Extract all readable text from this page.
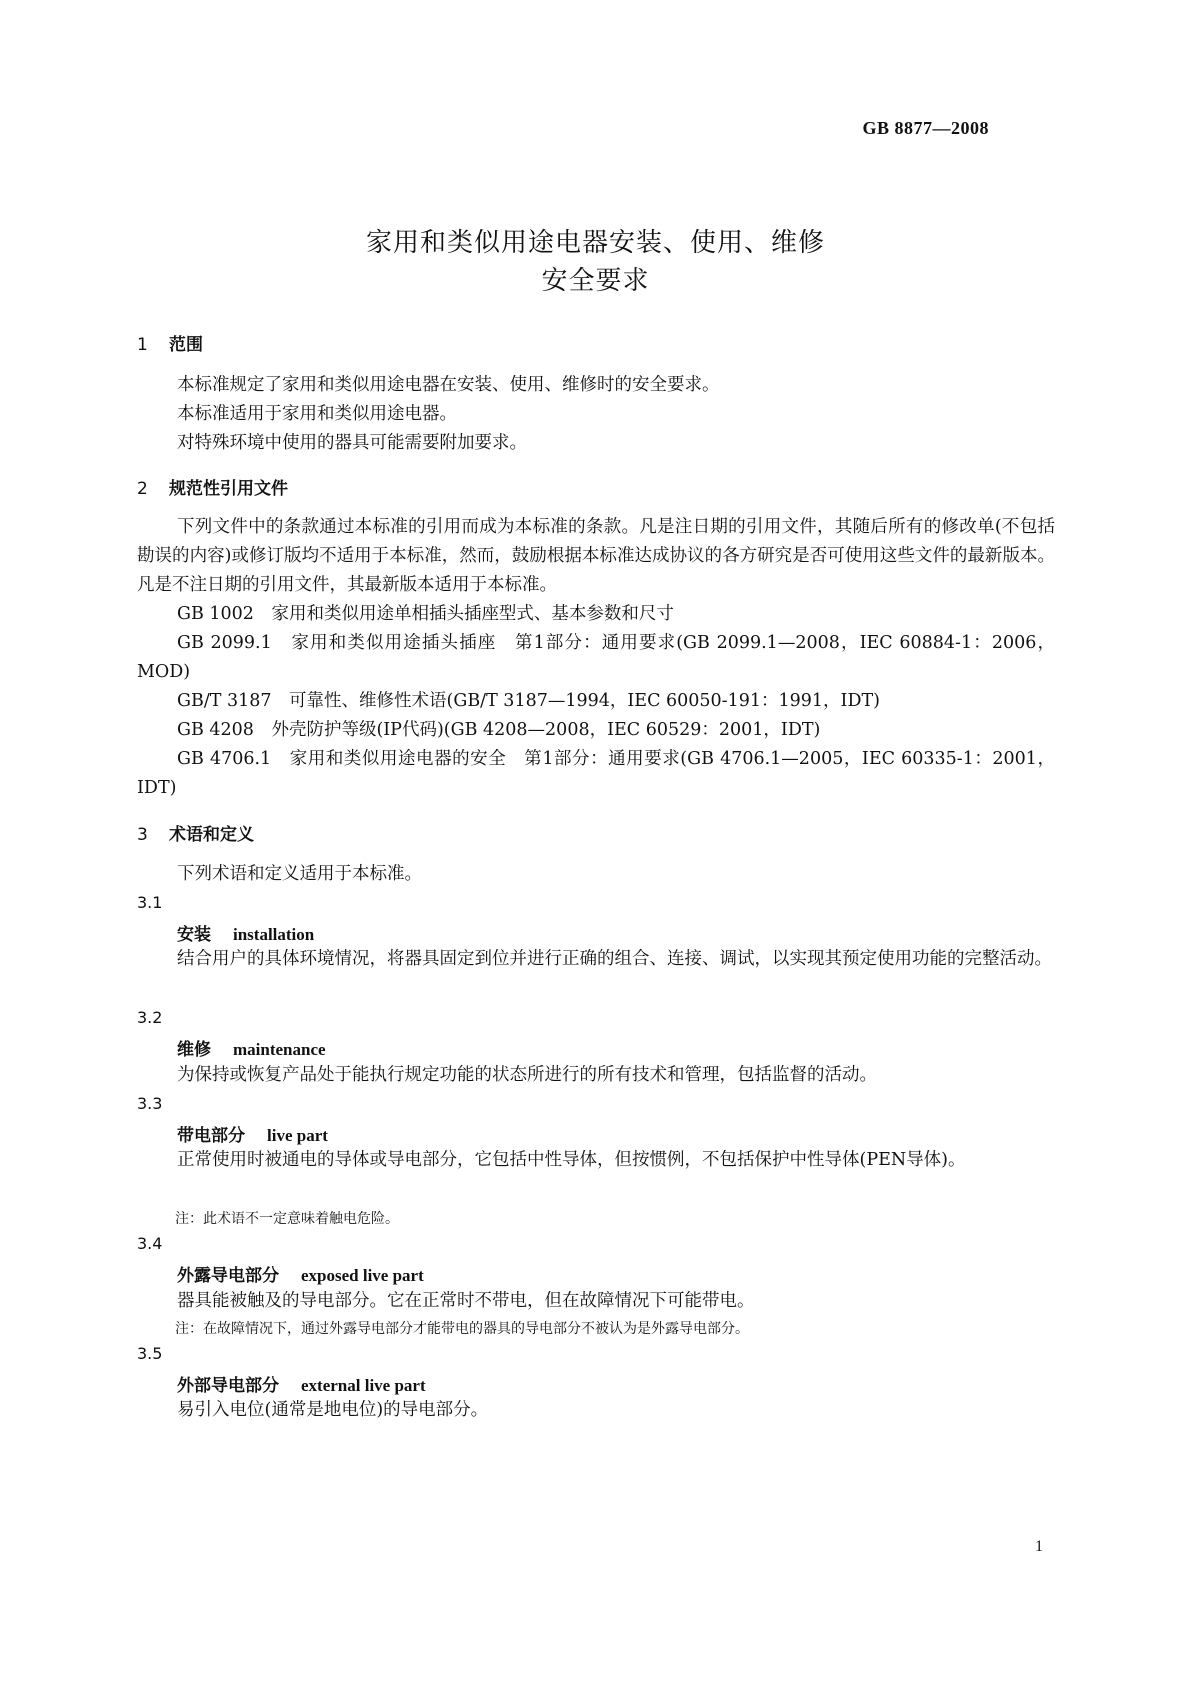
GB 8877—2008
家用和类似用途电器安装、使用、维修
安全要求
1 范围
本标准规定了家用和类似用途电器在安装、使用、维修时的安全要求。
本标准适用于家用和类似用途电器。
对特殊环境中使用的器具可能需要附加要求。
2 规范性引用文件
下列文件中的条款通过本标准的引用而成为本标准的条款。凡是注日期的引用文件，其随后所有的修改单(不包括勘误的内容)或修订版均不适用于本标准，然而，鼓励根据本标准达成协议的各方研究是否可使用这些文件的最新版本。凡是不注日期的引用文件，其最新版本适用于本标准。
GB 1002　家用和类似用途单相插头插座型式、基本参数和尺寸
GB 2099.1　家用和类似用途插头插座　第1部分：通用要求(GB 2099.1—2008，IEC 60884-1：2006，MOD)
GB/T 3187　可靠性、维修性术语(GB/T 3187—1994，IEC 60050-191：1991，IDT)
GB 4208　外壳防护等级(IP代码)(GB 4208—2008，IEC 60529：2001，IDT)
GB 4706.1　家用和类似用途电器的安全　第1部分：通用要求(GB 4706.1—2005，IEC 60335-1：2001，IDT)
3 术语和定义
下列术语和定义适用于本标准。
3.1
安装 installation
结合用户的具体环境情况，将器具固定到位并进行正确的组合、连接、调试，以实现其预定使用功能的完整活动。
3.2
维修 maintenance
为保持或恢复产品处于能执行规定功能的状态所进行的所有技术和管理，包括监督的活动。
3.3
带电部分 live part
正常使用时被通电的导体或导电部分，它包括中性导体，但按惯例，不包括保护中性导体(PEN导体)。
注：此术语不一定意味着触电危险。
3.4
外露导电部分 exposed live part
器具能被触及的导电部分。它在正常时不带电，但在故障情况下可能带电。
注：在故障情况下，通过外露导电部分才能带电的器具的导电部分不被认为是外露导电部分。
3.5
外部导电部分 external live part
易引入电位(通常是地电位)的导电部分。
1
